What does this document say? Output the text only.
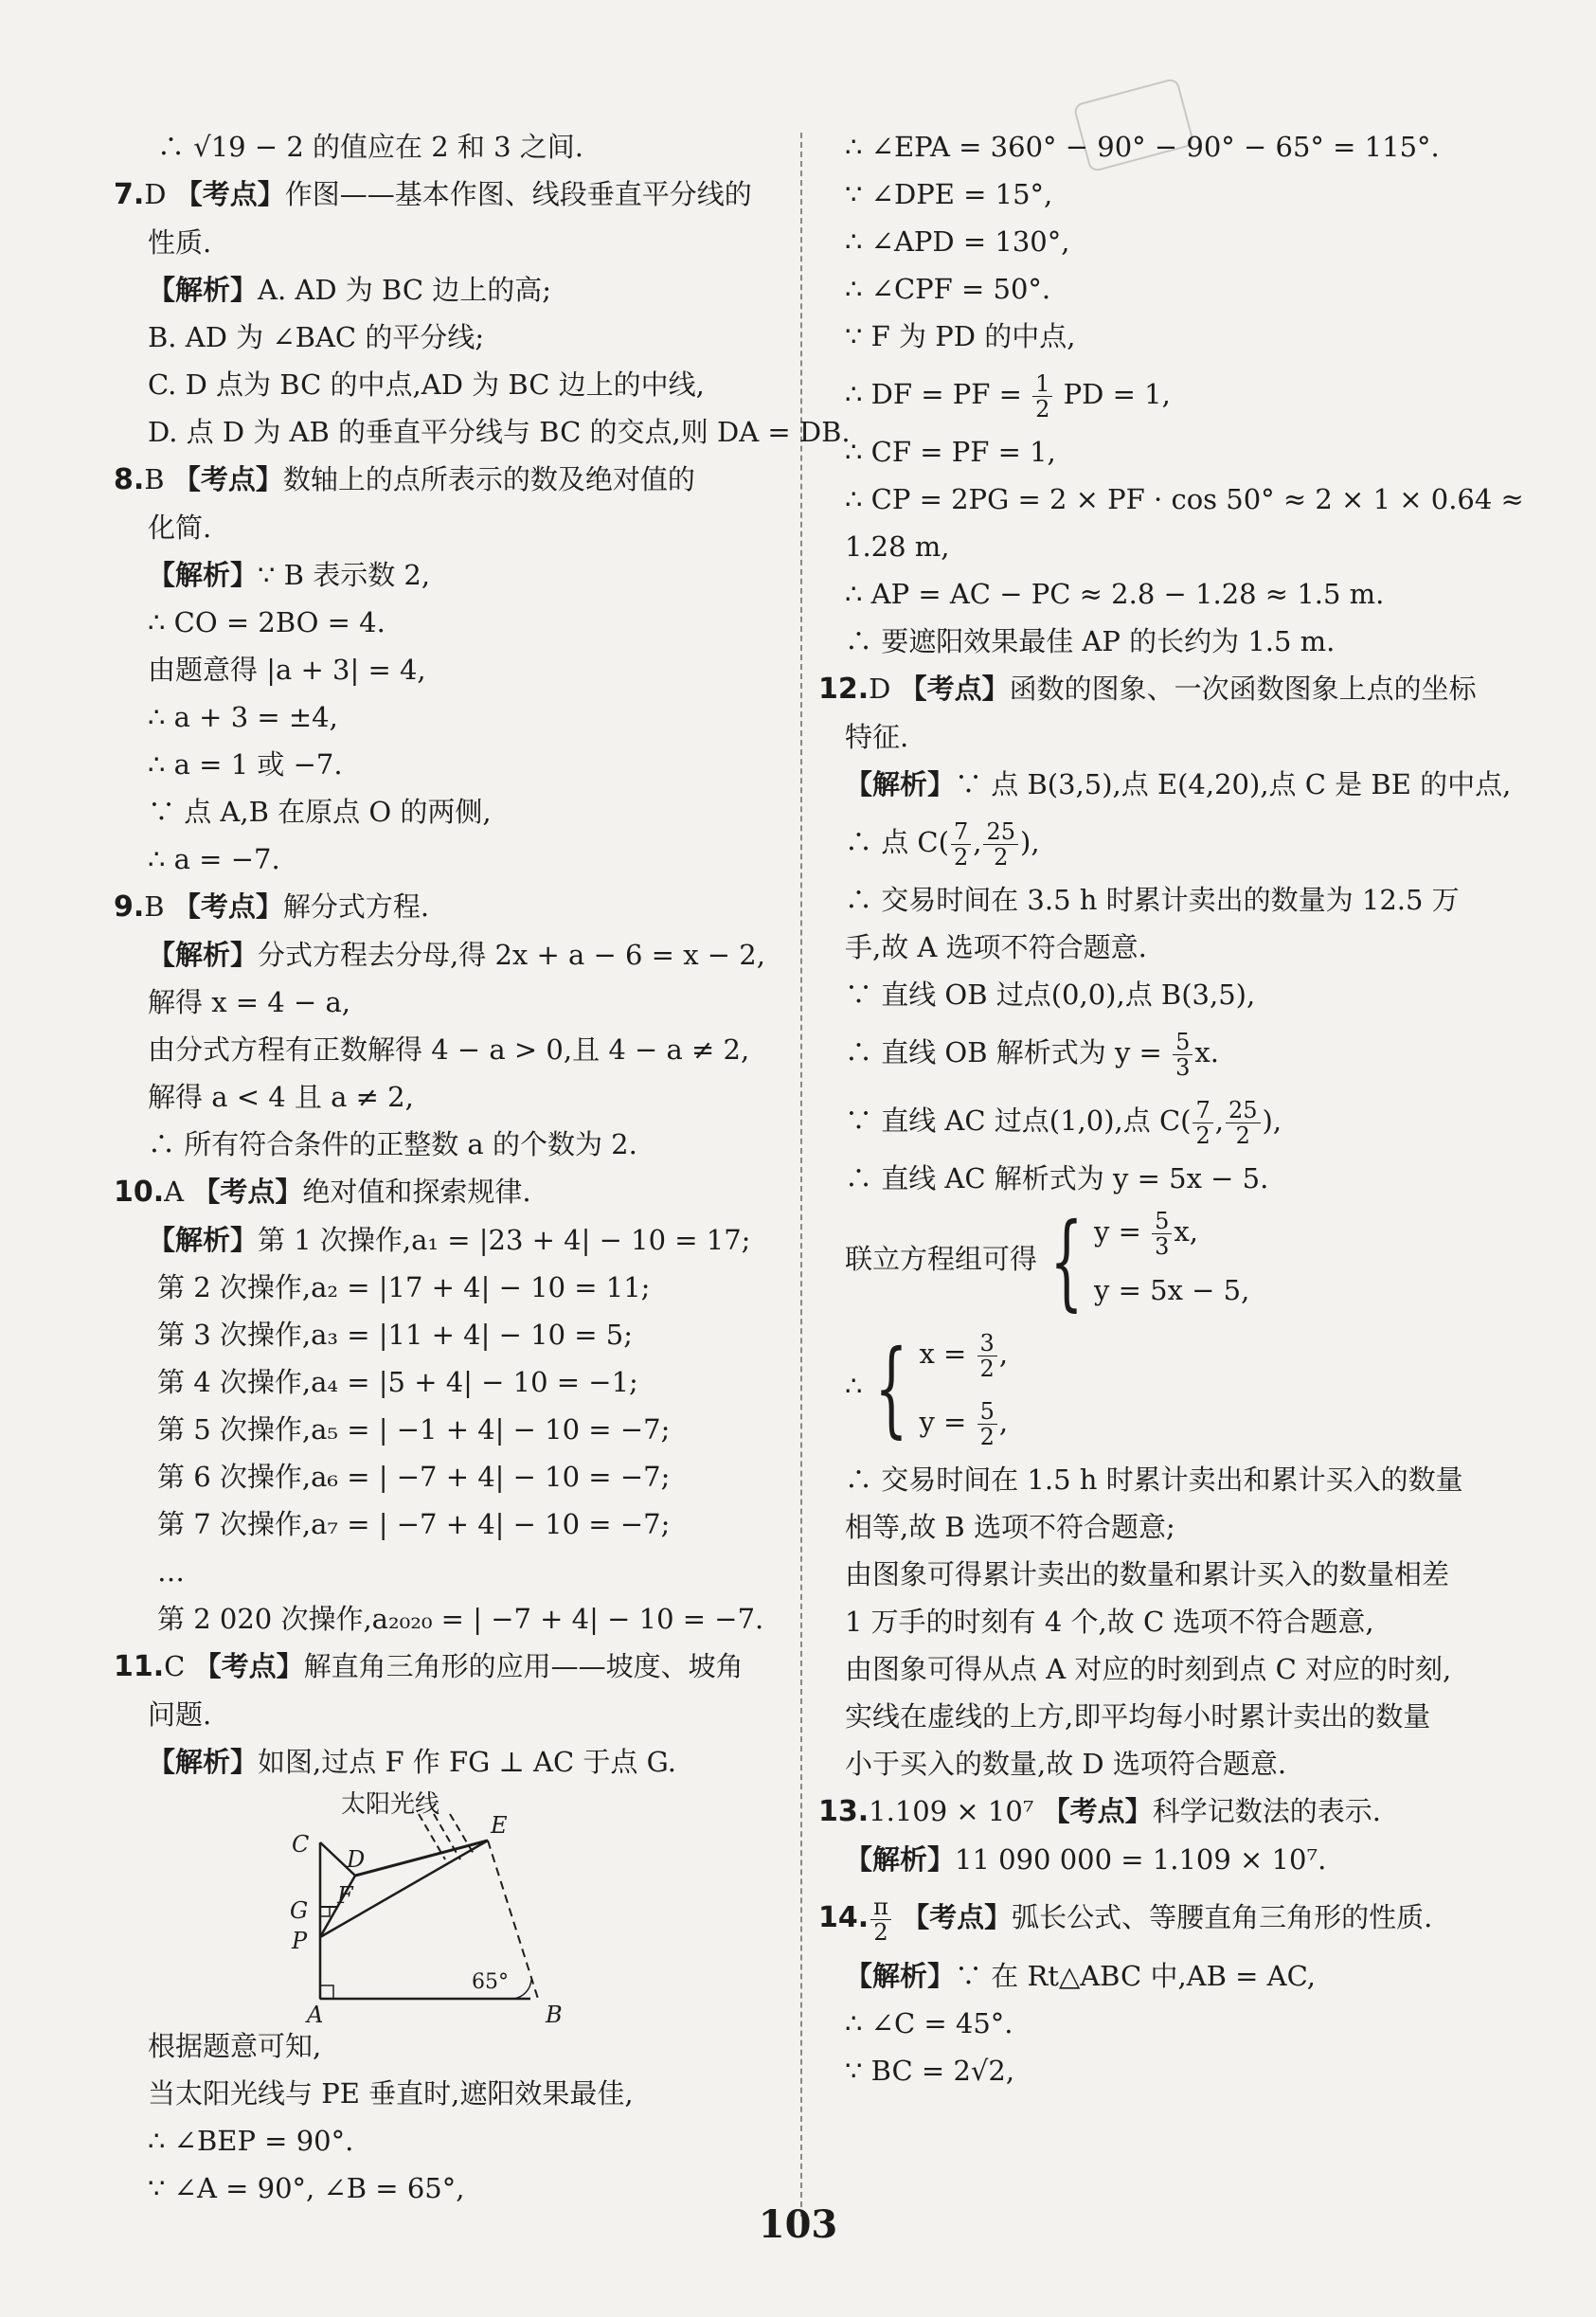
∴ √19 − 2 的值应在 2 和 3 之间.
7.D 【考点】作图——基本作图、线段垂直平分线的
性质.
【解析】A. AD 为 BC 边上的高;
B. AD 为 ∠BAC 的平分线;
C. D 点为 BC 的中点,AD 为 BC 边上的中线,
D. 点 D 为 AB 的垂直平分线与 BC 的交点,则 DA = DB.
8.B 【考点】数轴上的点所表示的数及绝对值的
化简.
【解析】∵ B 表示数 2,
∴ CO = 2BO = 4.
由题意得 |a + 3| = 4,
∴ a + 3 = ±4,
∴ a = 1 或 −7.
∵ 点 A,B 在原点 O 的两侧,
∴ a = −7.
9.B 【考点】解分式方程.
【解析】分式方程去分母,得 2x + a − 6 = x − 2,
解得 x = 4 − a,
由分式方程有正数解得 4 − a > 0,且 4 − a ≠ 2,
解得 a < 4 且 a ≠ 2,
∴ 所有符合条件的正整数 a 的个数为 2.
10.A 【考点】绝对值和探索规律.
【解析】第 1 次操作,a₁ = |23 + 4| − 10 = 17;
第 2 次操作,a₂ = |17 + 4| − 10 = 11;
第 3 次操作,a₃ = |11 + 4| − 10 = 5;
第 4 次操作,a₄ = |5 + 4| − 10 = −1;
第 5 次操作,a₅ = | −1 + 4| − 10 = −7;
第 6 次操作,a₆ = | −7 + 4| − 10 = −7;
第 7 次操作,a₇ = | −7 + 4| − 10 = −7;
…
第 2 020 次操作,a₂₀₂₀ = | −7 + 4| − 10 = −7.
11.C 【考点】解直角三角形的应用——坡度、坡角
问题.
【解析】如图,过点 F 作 FG ⊥ AC 于点 G.
太阳光线
65°
C
D
E
F
G
P
A	B
根据题意可知,
当太阳光线与 PE 垂直时,遮阳效果最佳,
∴ ∠BEP = 90°.
∵ ∠A = 90°, ∠B = 65°,
∴ ∠EPA = 360° − 90° − 90° − 65° = 115°.
∵ ∠DPE = 15°,
∴ ∠APD = 130°,
∴ ∠CPF = 50°.
∵ F 为 PD 的中点,
∴ DF = PF = $\frac{1}{2}$ PD = 1,
∴ CF = PF = 1,
∴ CP = 2PG = 2 × PF · cos 50° ≈ 2 × 1 × 0.64 ≈
1.28 m,
∴ AP = AC − PC ≈ 2.8 − 1.28 ≈ 1.5 m.
∴ 要遮阳效果最佳 AP 的长约为 1.5 m.
12.D 【考点】函数的图象、一次函数图象上点的坐标
特征.
【解析】∵ 点 B(3,5),点 E(4,20),点 C 是 BE 的中点,
∴ 点 $C( \frac{7}{2}$ , $\frac{25}{2}$ ),
∴ 交易时间在 3.5 h 时累计卖出的数量为 12.5 万
手,故 A 选项不符合题意.
∵ 直线 OB 过点(0,0),点 B(3,5),
∴ 直线 OB 解析式为 $y = \frac{5}{3} x$.
∵ 直线 AC 过点(1,0),点 $C( \frac{7}{2}$ , $\frac{25}{2}$ ),
∴ 直线 AC 解析式为 y = 5x − 5.
联立方程组可得 { $y = \frac{5}{3} x$,
y = 5x − 5,
∴ { $x = \frac{3}{2}$ ,
$y = \frac{5}{2}$ ,
∴ 交易时间在 1.5 h 时累计卖出和累计买入的数量
相等,故 B 选项不符合题意;
由图象可得累计卖出的数量和累计买入的数量相差
1 万手的时刻有 4 个,故 C 选项不符合题意,
由图象可得从点 A 对应的时刻到点 C 对应的时刻,
实线在虚线的上方,即平均每小时累计卖出的数量
小于买入的数量,故 D 选项符合题意.
13.1.109 × 10⁷ 【考点】科学记数法的表示.
【解析】11 090 000 = 1.109 × 10⁷.
14. $\frac{\pi}{2}$ 【考点】弧长公式、等腰直角三角形的性质.
【解析】∵ 在 Rt△ABC 中,AB = AC,
∴ ∠C = 45°.
∵ BC = 2√2,
103
